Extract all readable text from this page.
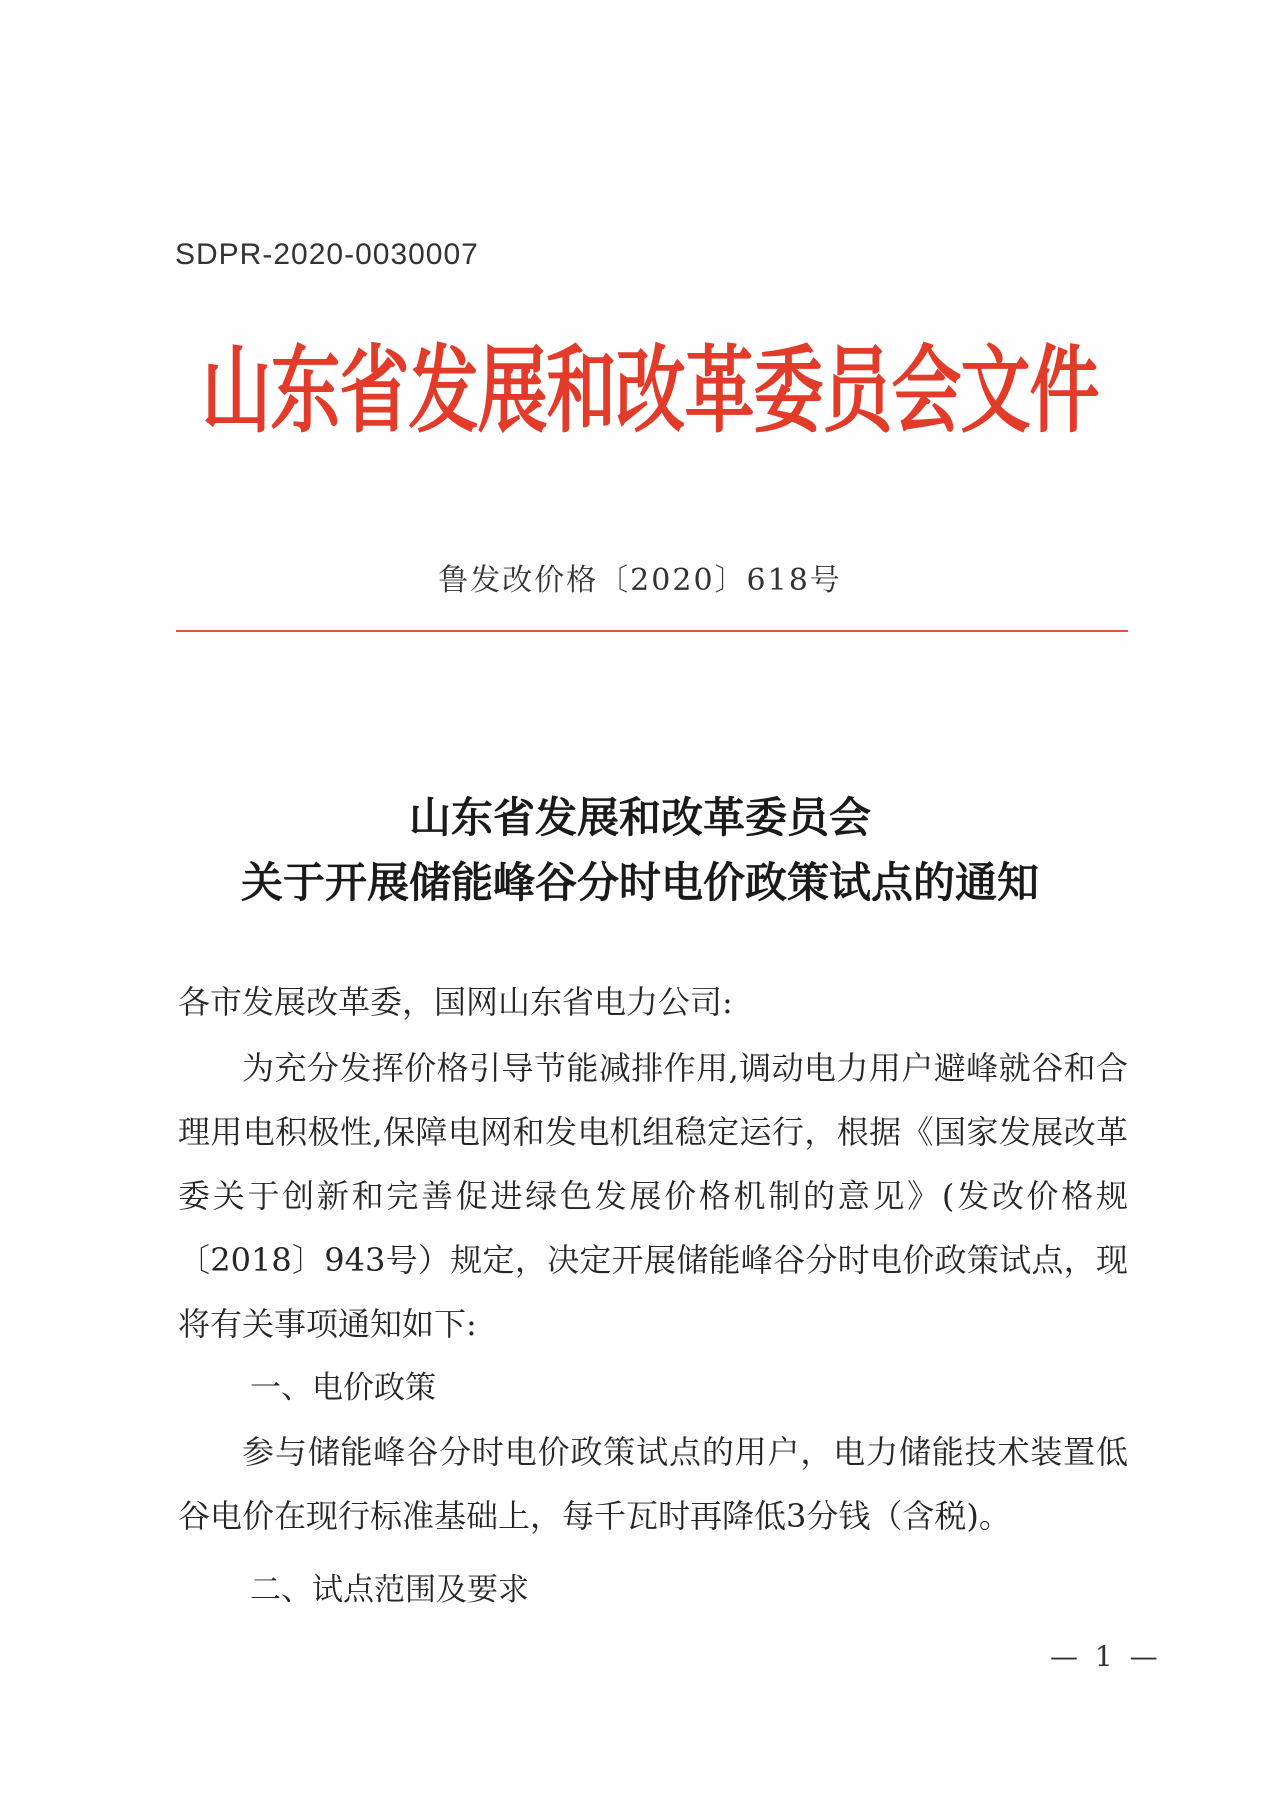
SDPR-2020-0030007
山东省发展和改革委员会文件
鲁发改价格〔2020〕618号
山东省发展和改革委员会
关于开展储能峰谷分时电价政策试点的通知

各市发展改革委，国网山东省电力公司:

为充分发挥价格引导节能减排作用,调动电力用户避峰就谷和合理用电积极性,保障电网和发电机组稳定运行，根据《国家发展改革委关于创新和完善促进绿色发展价格机制的意见》(发改价格规〔2018〕943号）规定，决定开展储能峰谷分时电价政策试点，现将有关事项通知如下:

一、电价政策

参与储能峰谷分时电价政策试点的用户，电力储能技术装置低谷电价在现行标准基础上，每千瓦时再降低3分钱（含税)。

二、试点范围及要求

— 1 —
